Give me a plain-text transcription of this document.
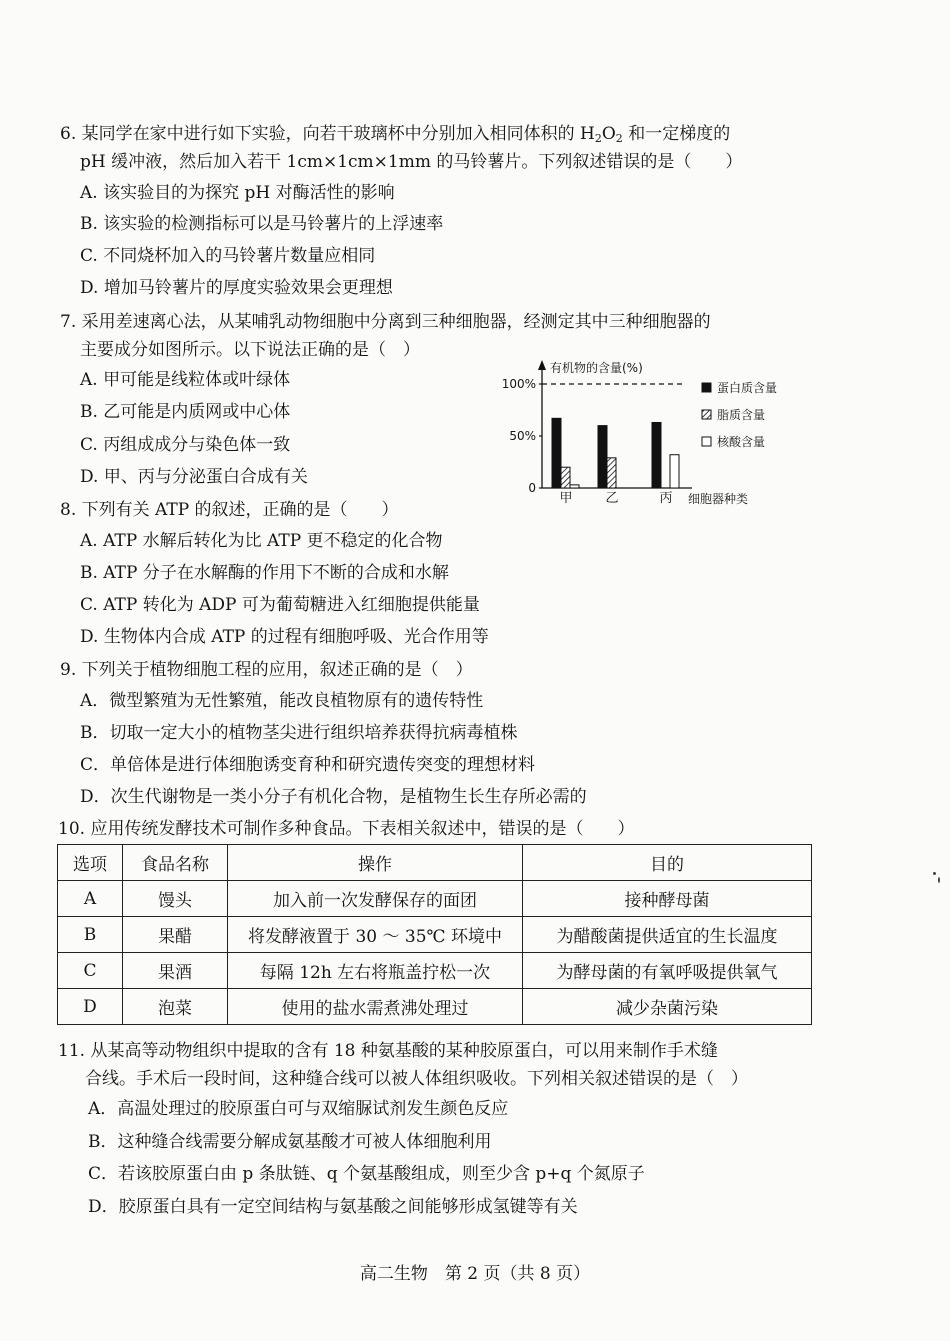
6. 某同学在家中进行如下实验，向若干玻璃杯中分别加入相同体积的 $H_2O_2$ 和一定梯度的
pH 缓冲液，然后加入若干 1cm×1cm×1mm 的马铃薯片。下列叙述错误的是（　　）
A. 该实验目的为探究 pH 对酶活性的影响
B. 该实验的检测指标可以是马铃薯片的上浮速率
C. 不同烧杯加入的马铃薯片数量应相同
D. 增加马铃薯片的厚度实验效果会更理想
7. 采用差速离心法，从某哺乳动物细胞中分离到三种细胞器，经测定其中三种细胞器的
主要成分如图所示。以下说法正确的是（　）
A. 甲可能是线粒体或叶绿体
B. 乙可能是内质网或中心体
C. 丙组成成分与染色体一致
D. 甲、丙与分泌蛋白合成有关
有机物的含量(%)
100%
50%
0
甲	乙	丙 细胞器种类
蛋白质含量
脂质含量
核酸含量
8. 下列有关 ATP 的叙述，正确的是（　　）
A. ATP 水解后转化为比 ATP 更不稳定的化合物
B. ATP 分子在水解酶的作用下不断的合成和水解
C. ATP 转化为 ADP 可为葡萄糖进入红细胞提供能量
D. 生物体内合成 ATP 的过程有细胞呼吸、光合作用等
9. 下列关于植物细胞工程的应用，叙述正确的是（　）
A．微型繁殖为无性繁殖，能改良植物原有的遗传特性
B．切取一定大小的植物茎尖进行组织培养获得抗病毒植株
C．单倍体是进行体细胞诱变育种和研究遗传突变的理想材料
D．次生代谢物是一类小分子有机化合物，是植物生长生存所必需的
10. 应用传统发酵技术可制作多种食品。下表相关叙述中，错误的是（　　）
选项	食品名称	操作	目的
A	馒头	加入前一次发酵保存的面团	接种酵母菌
B	果醋	将发酵液置于 30 ～ 35℃ 环境中	为醋酸菌提供适宜的生长温度
C	果酒	每隔 12h 左右将瓶盖拧松一次	为酵母菌的有氧呼吸提供氧气
D	泡菜	使用的盐水需煮沸处理过	减少杂菌污染
11. 从某高等动物组织中提取的含有 18 种氨基酸的某种胶原蛋白，可以用来制作手术缝
合线。手术后一段时间，这种缝合线可以被人体组织吸收。下列相关叙述错误的是（　）
A．高温处理过的胶原蛋白可与双缩脲试剂发生颜色反应
B．这种缝合线需要分解成氨基酸才可被人体细胞利用
C．若该胶原蛋白由 p 条肽链、q 个氨基酸组成，则至少含 p+q 个氮原子
D．胶原蛋白具有一定空间结构与氨基酸之间能够形成氢键等有关
高二生物　第 2 页（共 8 页）
